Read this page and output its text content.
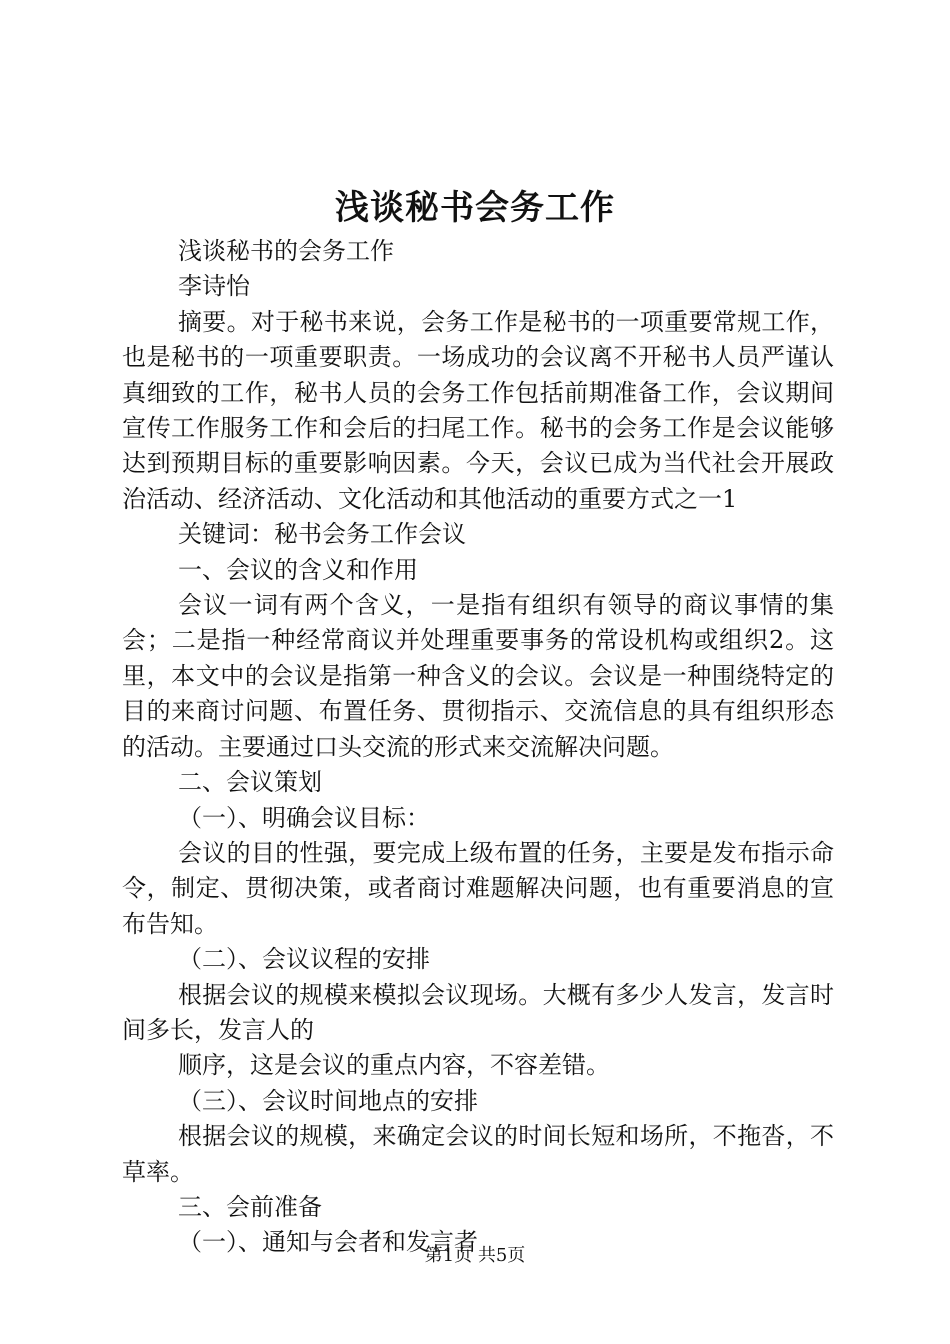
浅谈秘书会务工作

浅谈秘书的会务工作

李诗怡

摘要。对于秘书来说，会务工作是秘书的一项重要常规工作，也是秘书的一项重要职责。一场成功的会议离不开秘书人员严谨认真细致的工作，秘书人员的会务工作包括前期准备工作，会议期间宣传工作服务工作和会后的扫尾工作。秘书的会务工作是会议能够达到预期目标的重要影响因素。今天，会议已成为当代社会开展政治活动、经济活动、文化活动和其他活动的重要方式之一1

关键词：秘书会务工作会议

一、会议的含义和作用

会议一词有两个含义，一是指有组织有领导的商议事情的集会；二是指一种经常商议并处理重要事务的常设机构或组织2。这里，本文中的会议是指第一种含义的会议。会议是一种围绕特定的目的来商讨问题、布置任务、贯彻指示、交流信息的具有组织形态的活动。主要通过口头交流的形式来交流解决问题。

二、会议策划

（一）、明确会议目标：

会议的目的性强，要完成上级布置的任务，主要是发布指示命令，制定、贯彻决策，或者商讨难题解决问题，也有重要消息的宣布告知。

（二）、会议议程的安排

根据会议的规模来模拟会议现场。大概有多少人发言，发言时间多长，发言人的

顺序，这是会议的重点内容，不容差错。

（三）、会议时间地点的安排

根据会议的规模，来确定会议的时间长短和场所，不拖沓，不草率。

三、会前准备

（一）、通知与会者和发言者

第1页 共5页
